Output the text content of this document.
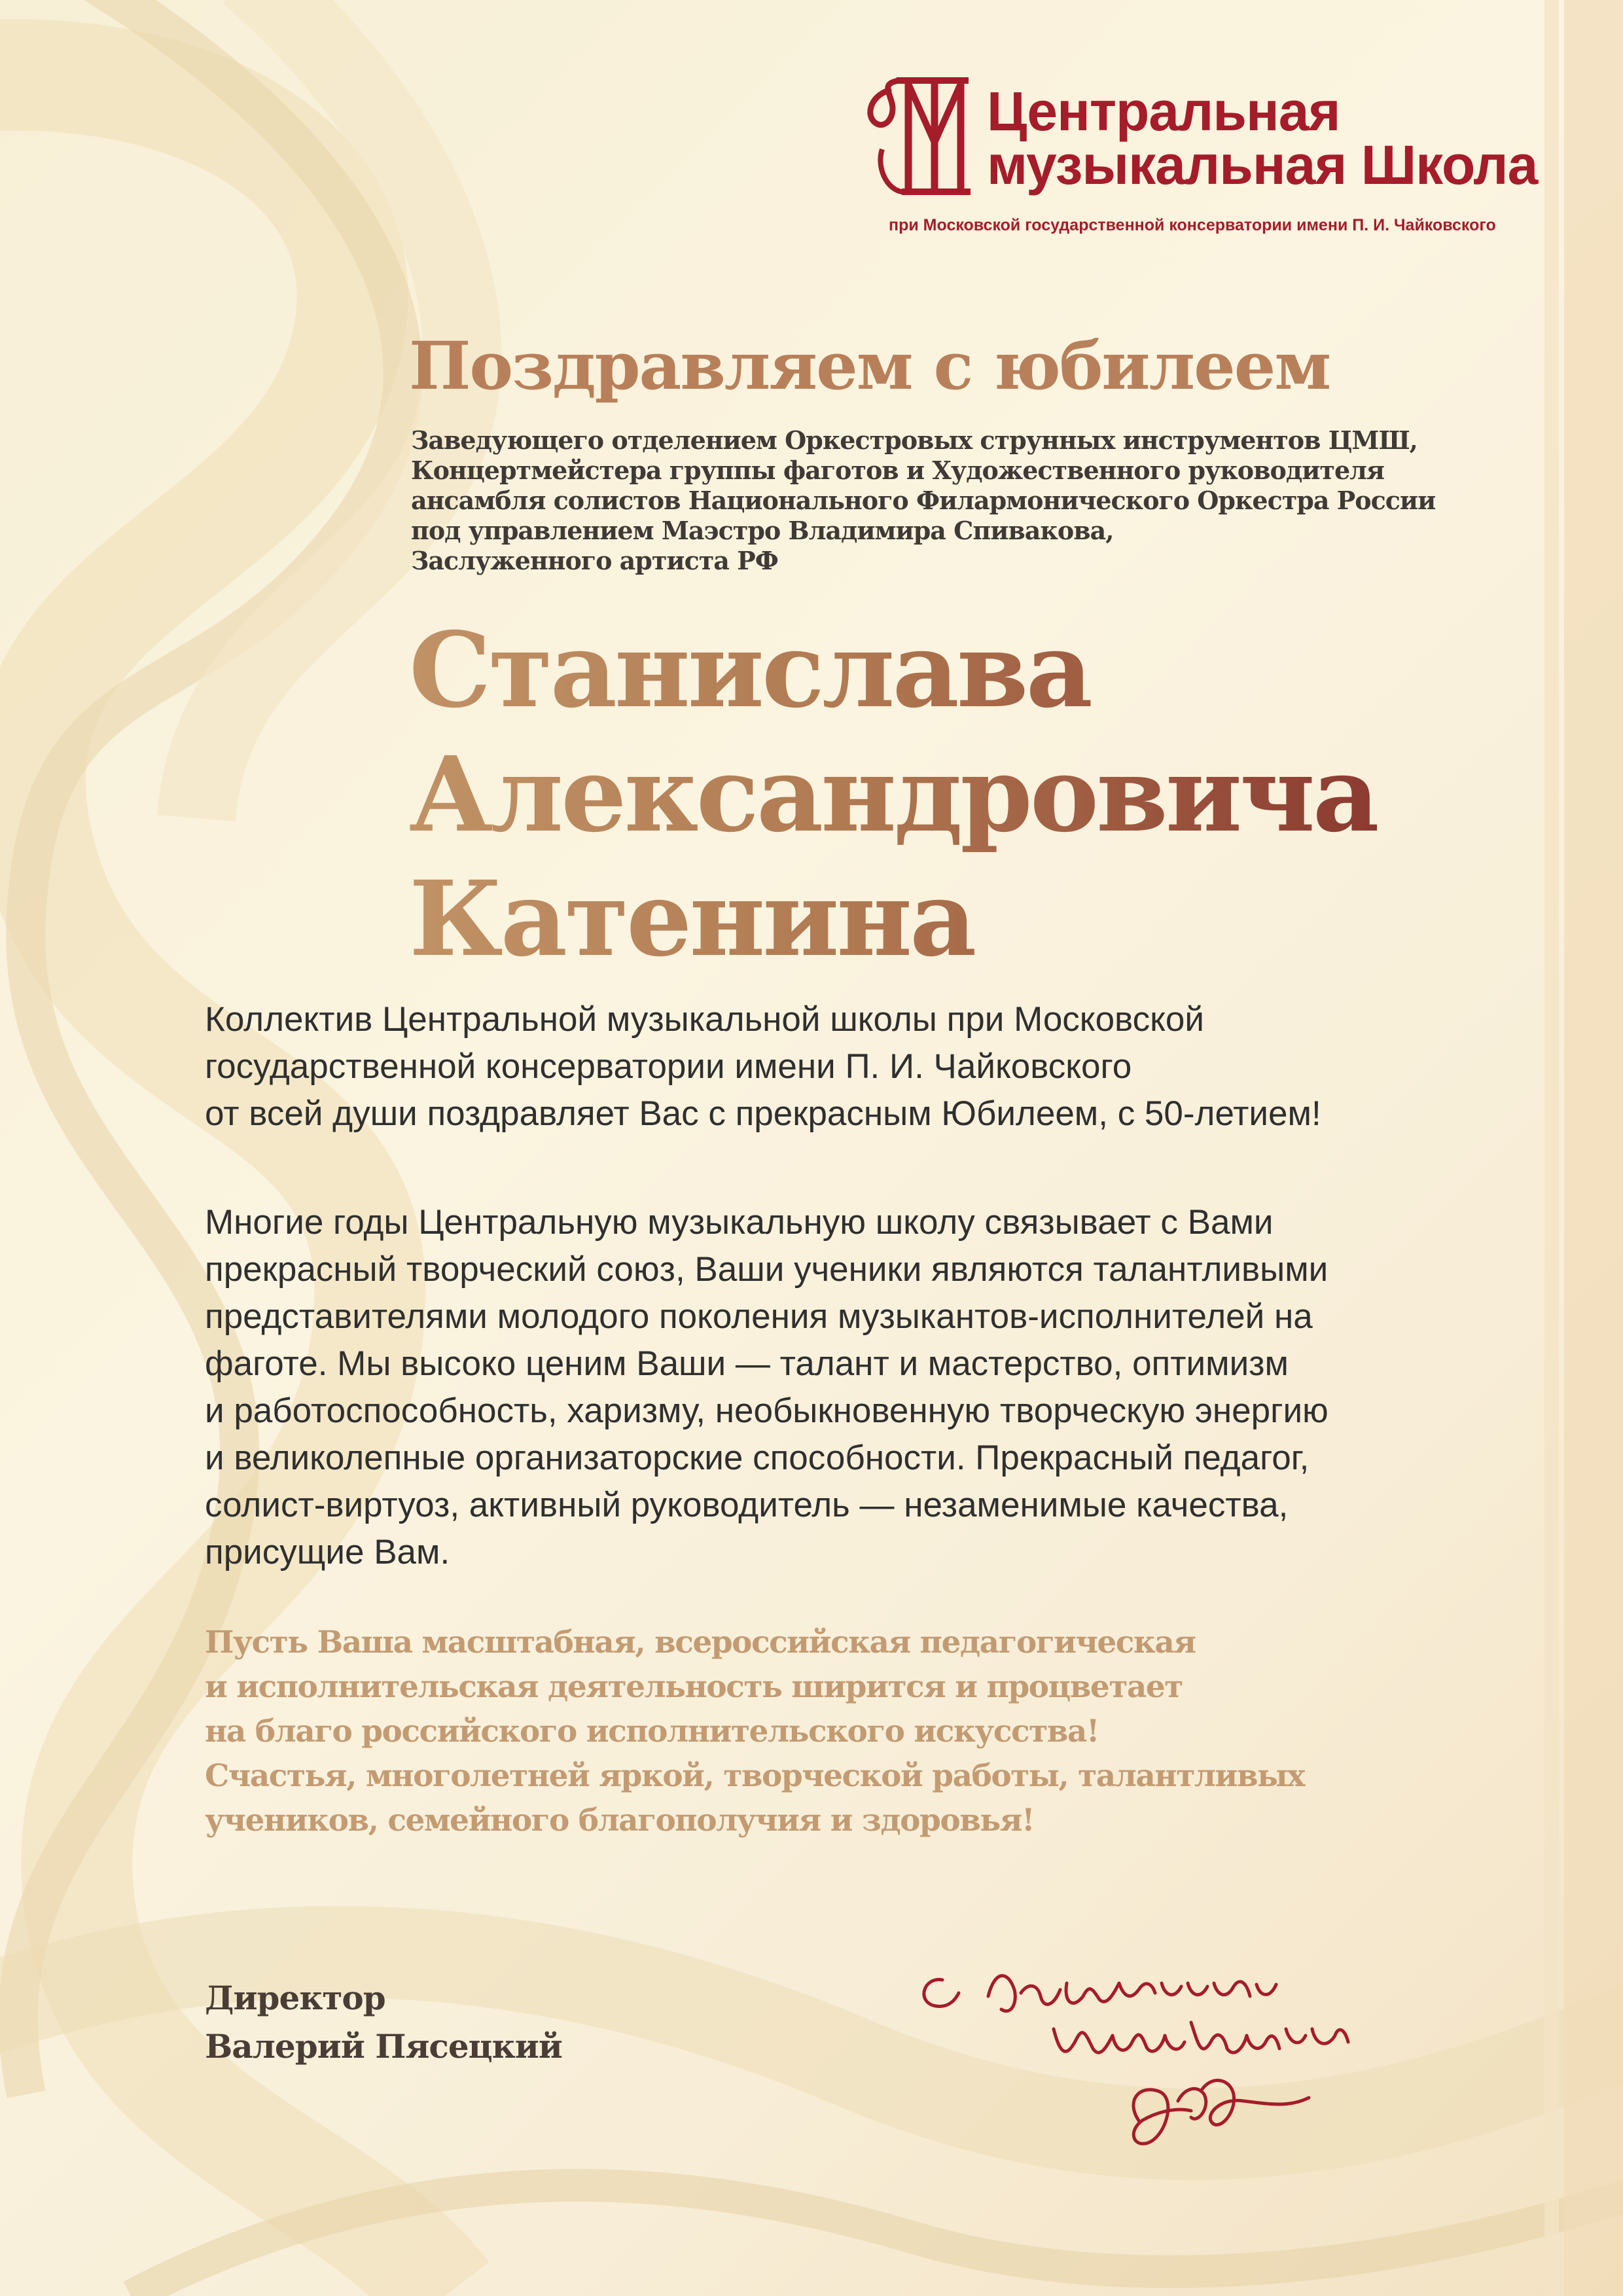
Центральная
музыкальная Школа
при Московской государственной консерватории имени П. И. Чайковского
Поздравляем с юбилеем
Заведующего отделением Оркестровых струнных инструментов ЦМШ,
Концертмейстера группы фаготов и Художественного руководителя
ансамбля солистов Национального Филармонического Оркестра России
под управлением Маэстро Владимира Спивакова,
Заслуженного артиста РФ
Станислава
Александровича
Катенина
Коллектив Центральной музыкальной школы при Московской
государственной консерватории имени П. И. Чайковского
от всей души поздравляет Вас с прекрасным Юбилеем, с 50-летием!
Многие годы Центральную музыкальную школу связывает с Вами
прекрасный творческий союз, Ваши ученики являются талантливыми
представителями молодого поколения музыкантов-исполнителей на
фаготе. Мы высоко ценим Ваши — талант и мастерство, оптимизм
и работоспособность, харизму, необыкновенную творческую энергию
и великолепные организаторские способности. Прекрасный педагог,
солист-виртуоз, активный руководитель — незаменимые качества,
присущие Вам.
Пусть Ваша масштабная, всероссийская педагогическая
и исполнительская деятельность ширится и процветает
на благо российского исполнительского искусства!
Счастья, многолетней яркой, творческой работы, талантливых
учеников, семейного благополучия и здоровья!
Директор
Валерий Пясецкий
